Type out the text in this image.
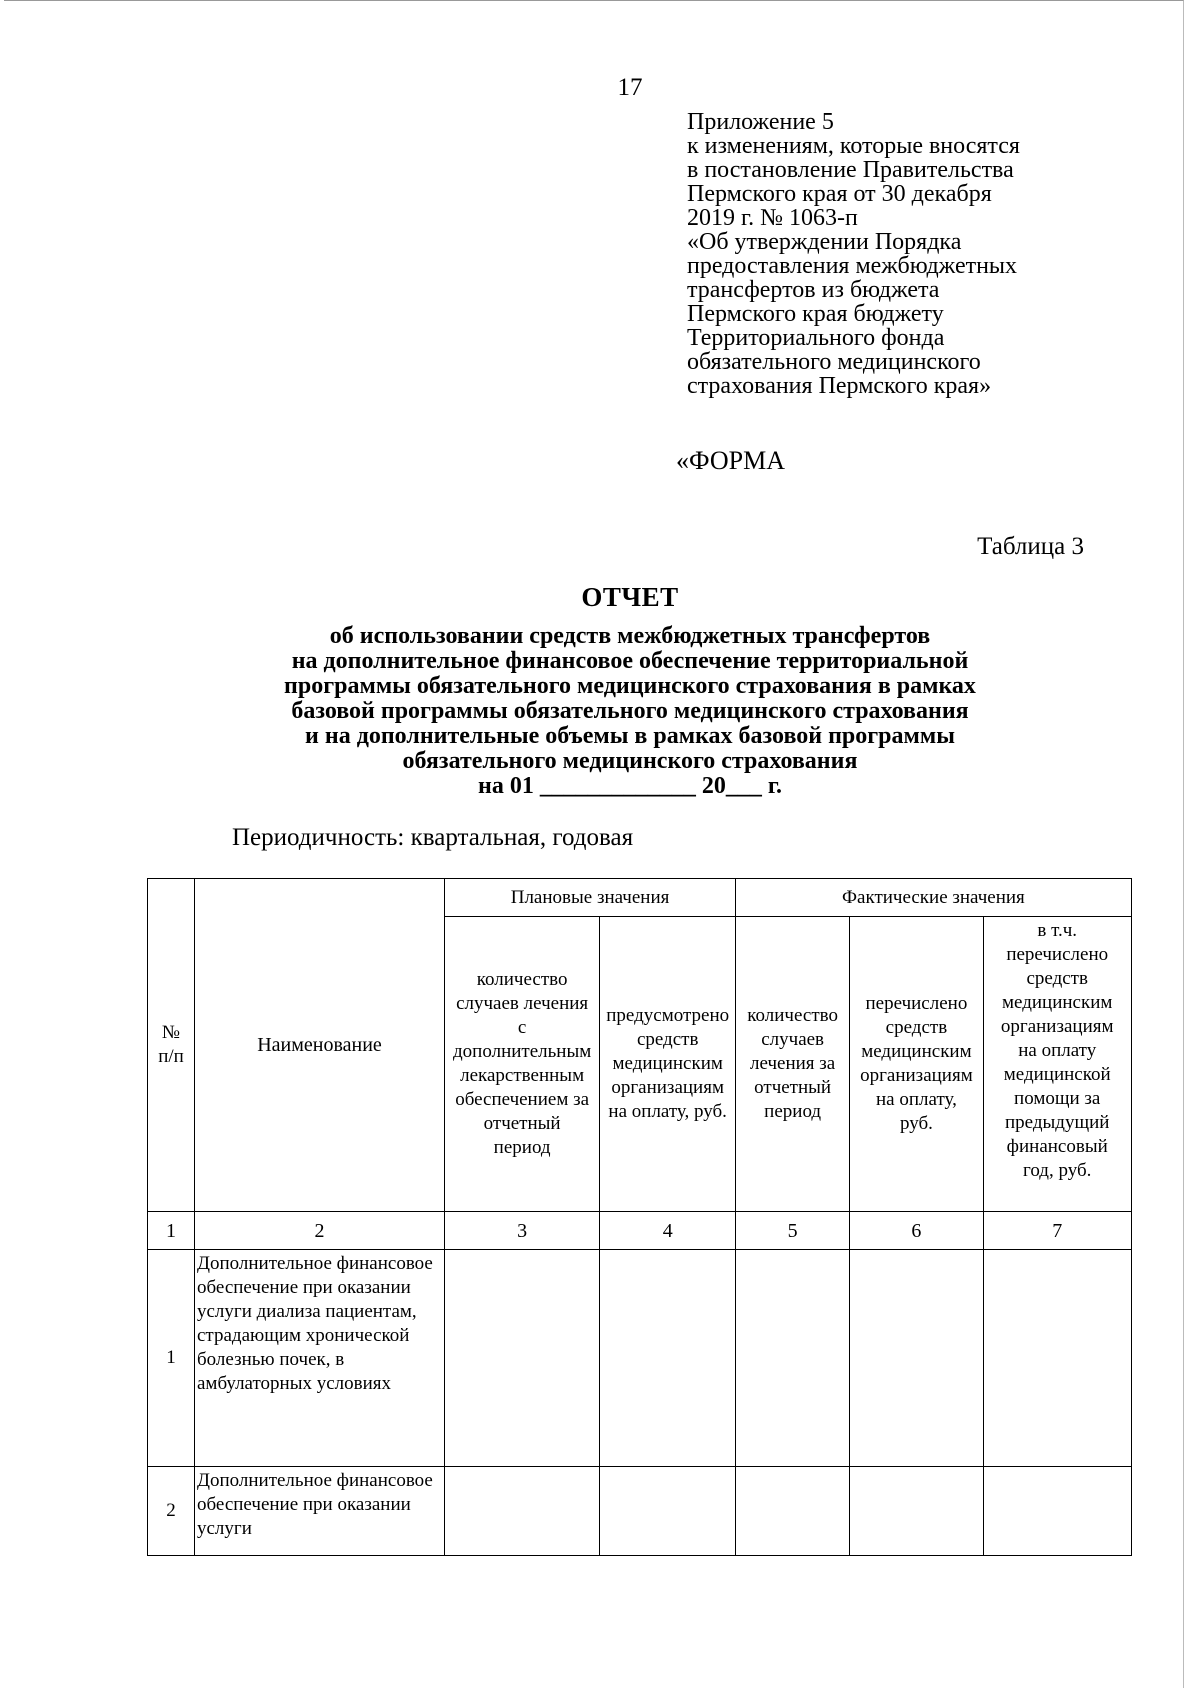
17
Приложение 5
к изменениям, которые вносятся
в постановление Правительства
Пермского края от 30 декабря
2019 г. № 1063-п
«Об утверждении Порядка
предоставления межбюджетных
трансфертов из бюджета
Пермского края бюджету
Территориального фонда
обязательного медицинского
страхования Пермского края»
«ФОРМА
Таблица 3
ОТЧЕТ
об использовании средств межбюджетных трансфертов
на дополнительное финансовое обеспечение территориальной
программы обязательного медицинского страхования в рамках
базовой программы обязательного медицинского страхования
и на дополнительные объемы в рамках базовой программы
обязательного медицинского страхования
на 01 _____________ 20___ г.
Периодичность: квартальная, годовая
№ п/п	Наименование	Плановые значения		Фактические значения		
		количество случаев лечения с дополнительным лекарственным обеспечением за отчетный период	предусмотрено средств медицинским организациям на оплату, руб.	количество случаев лечения за отчетный период	перечислено средств медицинским организациям на оплату, руб.	в т.ч. перечислено средств медицинским организациям на оплату медицинской помощи за предыдущий финансовый год, руб.
1	2	3	4	5	6	7
1	Дополнительное финансовое обеспечение при оказании услуги диализа пациентам, страдающим хронической болезнью почек, в амбулаторных условиях					
2	Дополнительное финансовое обеспечение при оказании услуги					
